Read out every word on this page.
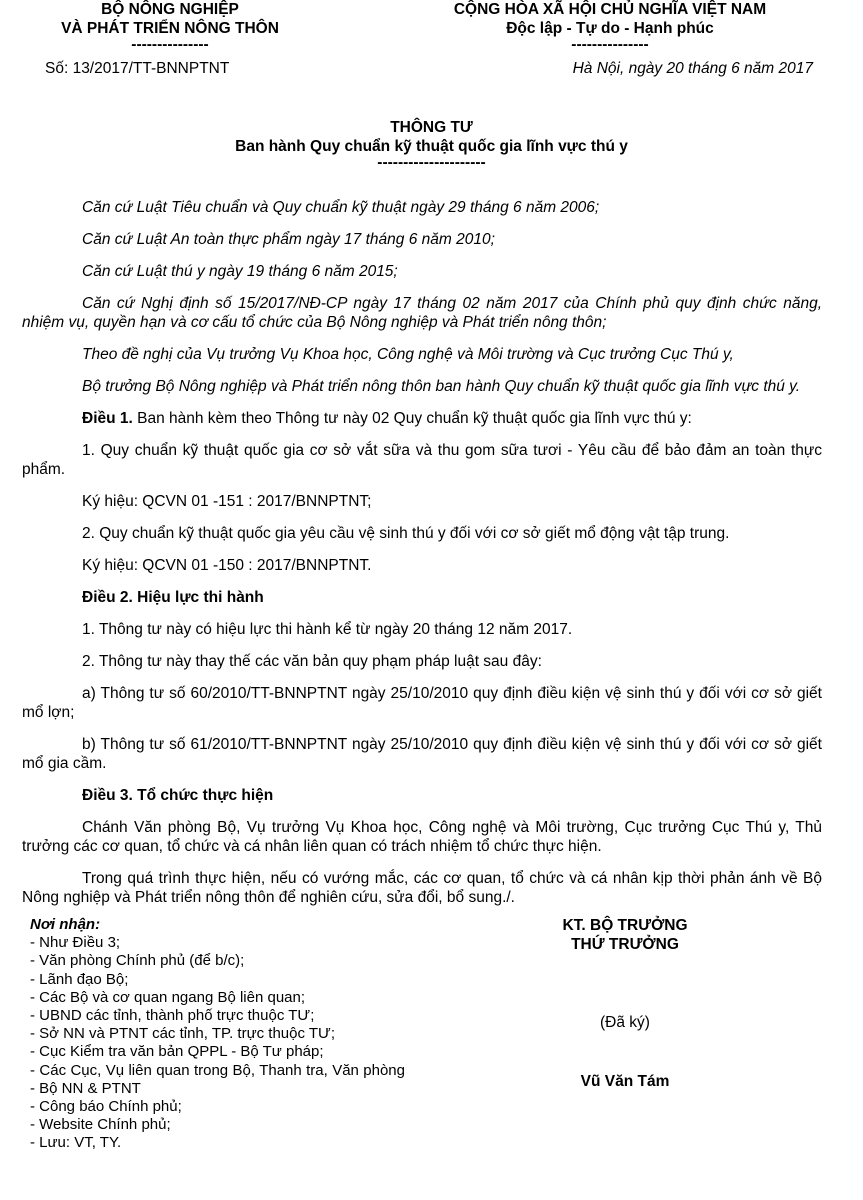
BỘ NÔNG NGHIỆP
VÀ PHÁT TRIỂN NÔNG THÔN
---------------
CỘNG HÒA XÃ HỘI CHỦ NGHĨA VIỆT NAM
Độc lập - Tự do - Hạnh phúc
---------------
Số: 13/2017/TT-BNNPTNT	Hà Nội, ngày 20 tháng 6 năm 2017
THÔNG TƯ
Ban hành Quy chuẩn kỹ thuật quốc gia lĩnh vực thú y
---------------------

Căn cứ Luật Tiêu chuẩn và Quy chuẩn kỹ thuật ngày 29 tháng 6 năm 2006;

Căn cứ Luật An toàn thực phẩm ngày 17 tháng 6 năm 2010;

Căn cứ Luật thú y ngày 19 tháng 6 năm 2015;

Căn cứ Nghị định số 15/2017/NĐ-CP ngày 17 tháng 02 năm 2017 của Chính phủ quy định chức năng, nhiệm vụ, quyền hạn và cơ cấu tổ chức của Bộ Nông nghiệp và Phát triển nông thôn;

Theo đề nghị của Vụ trưởng Vụ Khoa học, Công nghệ và Môi trường và Cục trưởng Cục Thú y,

Bộ trưởng Bộ Nông nghiệp và Phát triển nông thôn ban hành Quy chuẩn kỹ thuật quốc gia lĩnh vực thú y.

Điều 1. Ban hành kèm theo Thông tư này 02 Quy chuẩn kỹ thuật quốc gia lĩnh vực thú y:

1. Quy chuẩn kỹ thuật quốc gia cơ sở vắt sữa và thu gom sữa tươi - Yêu cầu để bảo đảm an toàn thực phẩm.

Ký hiệu: QCVN 01 -151 : 2017/BNNPTNT;

2. Quy chuẩn kỹ thuật quốc gia yêu cầu vệ sinh thú y đối với cơ sở giết mổ động vật tập trung.

Ký hiệu: QCVN 01 -150 : 2017/BNNPTNT.

Điều 2. Hiệu lực thi hành

1. Thông tư này có hiệu lực thi hành kể từ ngày 20 tháng 12 năm 2017.

2. Thông tư này thay thế các văn bản quy phạm pháp luật sau đây:

a) Thông tư số 60/2010/TT-BNNPTNT ngày 25/10/2010 quy định điều kiện vệ sinh thú y đối với cơ sở giết mổ lợn;

b) Thông tư số 61/2010/TT-BNNPTNT ngày 25/10/2010 quy định điều kiện vệ sinh thú y đối với cơ sở giết mổ gia cầm.

Điều 3. Tổ chức thực hiện

Chánh Văn phòng Bộ, Vụ trưởng Vụ Khoa học, Công nghệ và Môi trường, Cục trưởng Cục Thú y, Thủ trưởng các cơ quan, tổ chức và cá nhân liên quan có trách nhiệm tổ chức thực hiện.

Trong quá trình thực hiện, nếu có vướng mắc, các cơ quan, tổ chức và cá nhân kịp thời phản ánh về Bộ Nông nghiệp và Phát triển nông thôn để nghiên cứu, sửa đổi, bổ sung./.

Nơi nhận:
- Như Điều 3;
- Văn phòng Chính phủ (để b/c);
- Lãnh đạo Bộ;
- Các Bộ và cơ quan ngang Bộ liên quan;
- UBND các tỉnh, thành phố trực thuộc TƯ;
- Sở NN và PTNT các tỉnh, TP. trực thuộc TƯ;
- Cục Kiểm tra văn bản QPPL - Bộ Tư pháp;
- Các Cục, Vụ liên quan trong Bộ, Thanh tra, Văn phòng - Bộ NN & PTNT
- Công báo Chính phủ;
- Website Chính phủ;
- Lưu: VT, TY.
KT. BỘ TRƯỞNG
THỨ TRƯỞNG
(Đã ký)
Vũ Văn Tám
